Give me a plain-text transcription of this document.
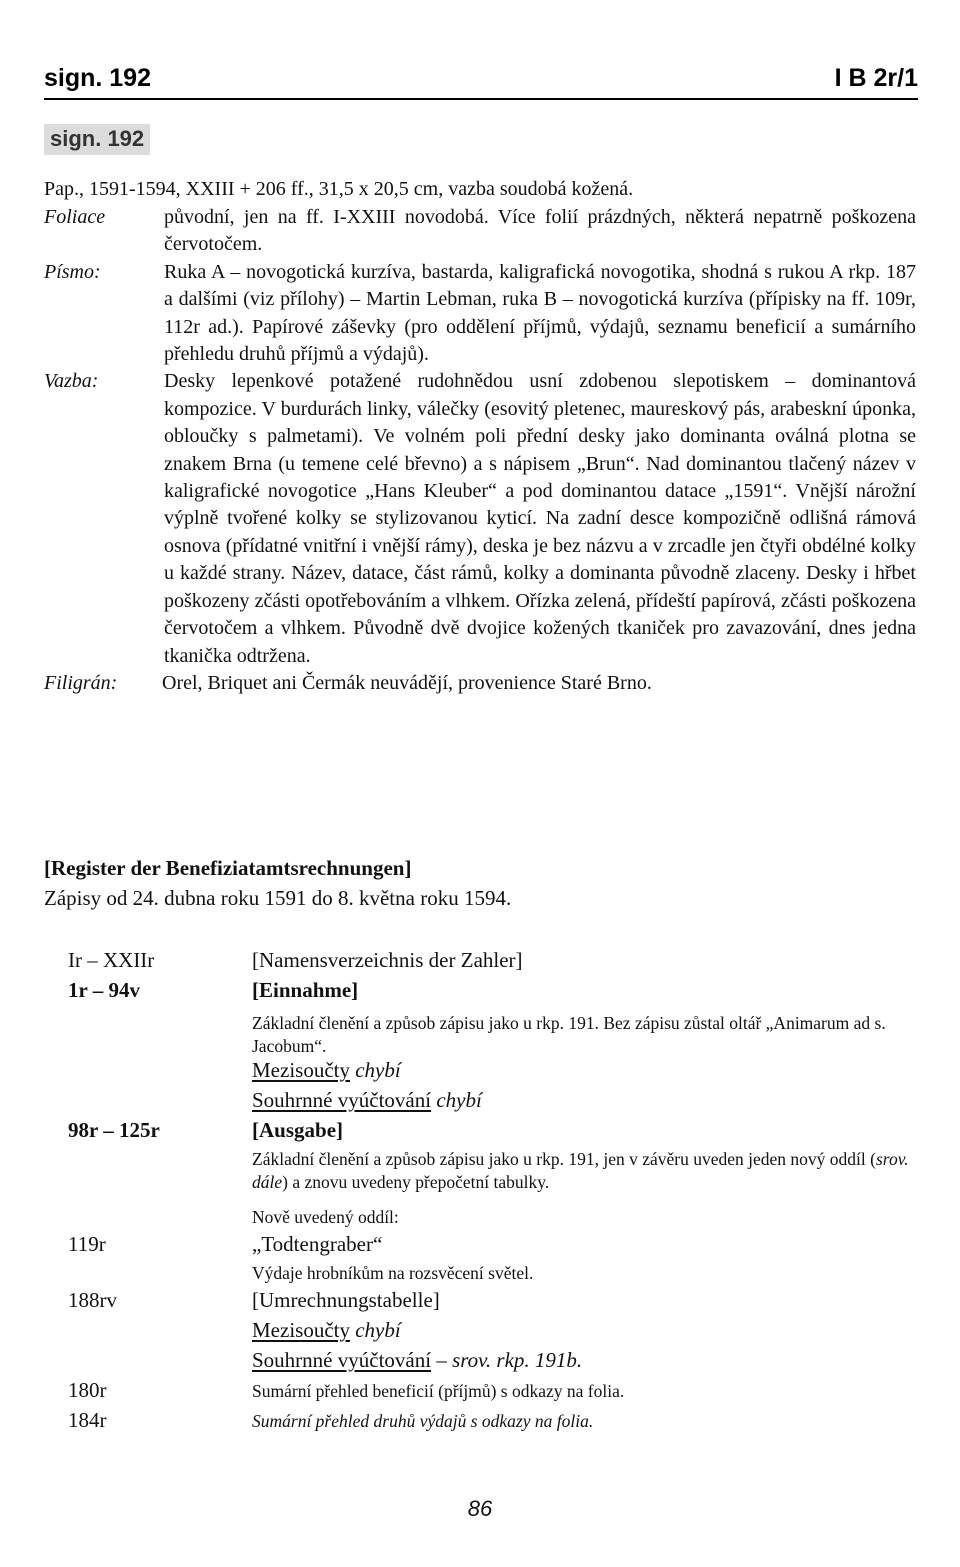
sign. 192	I B 2r/1
sign. 192
Pap., 1591-1594, XXIII + 206 ff., 31,5 x 20,5 cm, vazba soudobá kožená.
Foliace	původní, jen na ff. I-XXIII novodobá. Více folií prázdných, některá nepatrně poškozena červotočem.
Písmo:	Ruka A – novogotická kurzíva, bastarda, kaligrafická novogotika, shodná s rukou A rkp. 187 a dalšími (viz přílohy) – Martin Lebman, ruka B – novogotická kurzíva (přípisky na ff. 109r, 112r ad.). Papírové záševky (pro oddělení příjmů, výdajů, seznamu beneficií a sumárního přehledu druhů příjmů a výdajů).
Vazba:	Desky lepenkové potažené rudohnědou usní zdobenou slepotiskem – dominantová kompozice. V burdurách linky, válečky (esovitý pletenec, maureskový pás, arabeskní úponka, obloučky s palmetami). Ve volném poli přední desky jako dominanta oválná plotna se znakem Brna (u temene celé břevno) a s nápisem „Brun“. Nad dominantou tlačený název v kaligrafické novogotice „Hans Kleuber“ a pod dominantou datace „1591“. Vnější nárožní výplně tvořené kolky se stylizovanou kyticí. Na zadní desce kompozičně odlišná rámová osnova (přídatné vnitřní i vnější rámy), deska je bez názvu a v zrcadle jen čtyři obdélné kolky u každé strany. Název, datace, část rámů, kolky a dominanta původně zlaceny. Desky i hřbet poškozeny zčásti opotřebováním a vlhkem. Ořízka zelená, přídeští papírová, zčásti poškozena červotočem a vlhkem. Původně dvě dvojice kožených tkaniček pro zavazování, dnes jedna tkanička odtržena.
Filigrán: Orel, Briquet ani Čermák neuvádějí, provenience Staré Brno.
[Register der Benefiziatamtsrechnungen]
Zápisy od 24. dubna roku 1591 do 8. května roku 1594.
Ir – XXIIr	[Namensverzeichnis der Zahler]
1r – 94v	[Einnahme]
Základní členění a způsob zápisu jako u rkp. 191. Bez zápisu zůstal oltář „Animarum ad s. Jacobum“.
Mezisoučty chybí
Souhrnné vyúčtování chybí
98r – 125r	[Ausgabe]
Základní členění a způsob zápisu jako u rkp. 191, jen v závěru uveden jeden nový oddíl (srov. dále) a znovu uvedeny přepočetní tabulky.
Nově uvedený oddíl:
119r	„Todtengraber“
Výdaje hrobníkům na rozsvěcení světel.
188rv	[Umrechnungstabelle]
Mezisoučty chybí
Souhrnné vyúčtování – srov. rkp. 191b.
180r	Sumární přehled beneficií (příjmů) s odkazy na folia.
184r	Sumární přehled druhů výdajů s odkazy na folia.
86
